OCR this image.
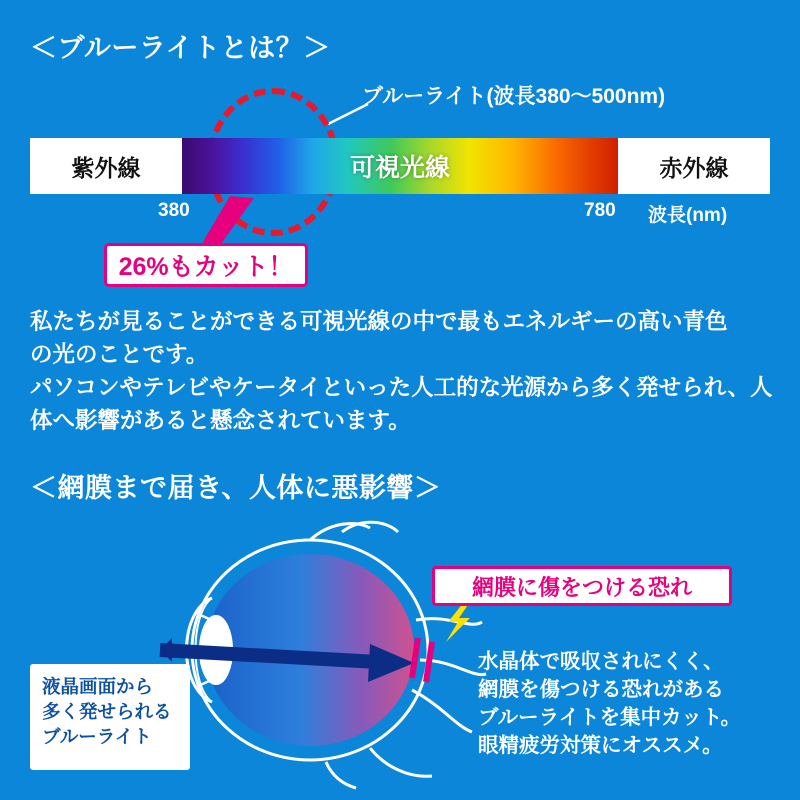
＜ブルーライトとは？＞
ブルーライト(波長380〜500nm)
紫外線	赤外線
可視光線
380	780 波長(nm)
26%もカット！

私たちが見ることができる可視光線の中で最もエネルギーの高い青色

の光のことです。

パソコンやテレビやケータイといった人工的な光源から多く発せられ、人

体へ影響があると懸念されています。

＜網膜まで届き、人体に悪影響＞
網膜に傷をつける恐れ
液晶画面から
多く発せられる
ブルーライト

水晶体で吸収されにくく、

網膜を傷つける恐れがある

ブルーライトを集中カット。

眼精疲労対策にオススメ。
